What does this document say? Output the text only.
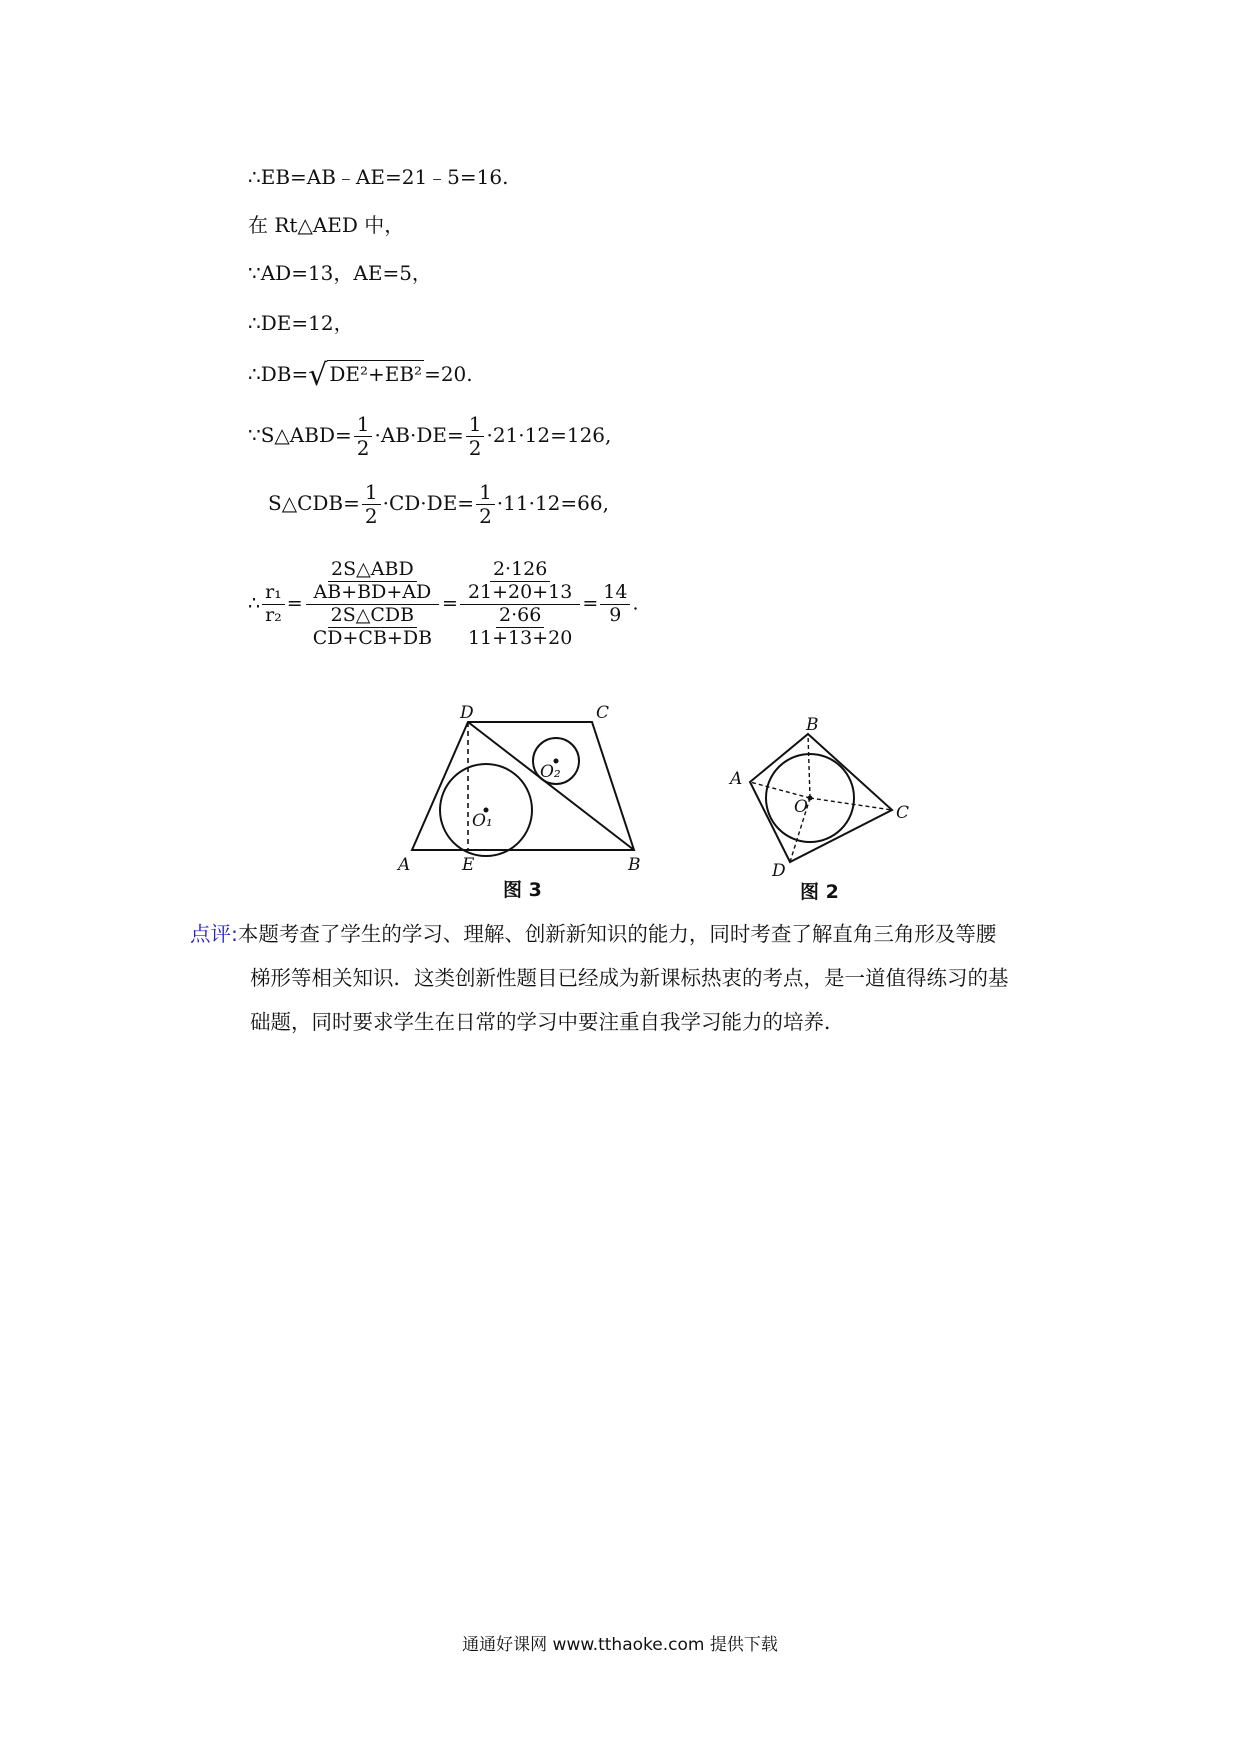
∴EB=AB﹣AE=21﹣5=16.
在 Rt△AED 中，
∵AD=13，AE=5，
∴DE=12，
∴DB=√ DE²+EB² =20.
∵S△ABD= $\frac{1}{2} \cdot AB\cdot DE= \frac{1}{2} \cdot 21\cdot 12=126$,
S△CDB= $\frac{1}{2} \cdot CD\cdot DE= \frac{1}{2} \cdot 11\cdot 12=66$,
∴ $\frac{\text{r₁}}{\text{r₂}}$ =
2S△ABD
AB+BD+AD
2S△CDB
CD+CB+DB
= $\frac{\frac{2\cdot 126}{21+20+13}}{\frac{2\cdot 66}{11+13+20}} = \frac{14}{9}$ .
D	C
A	E	B
O₁
O₂
图 3
B
C
D
A
O
图 2
点评:本题考查了学生的学习、理解、创新新知识的能力，同时考查了解直角三角形及等腰
梯形等相关知识．这类创新性题目已经成为新课标热衷的考点，是一道值得练习的基
础题，同时要求学生在日常的学习中要注重自我学习能力的培养．
通通好课网 www.tthaoke.com 提供下载
